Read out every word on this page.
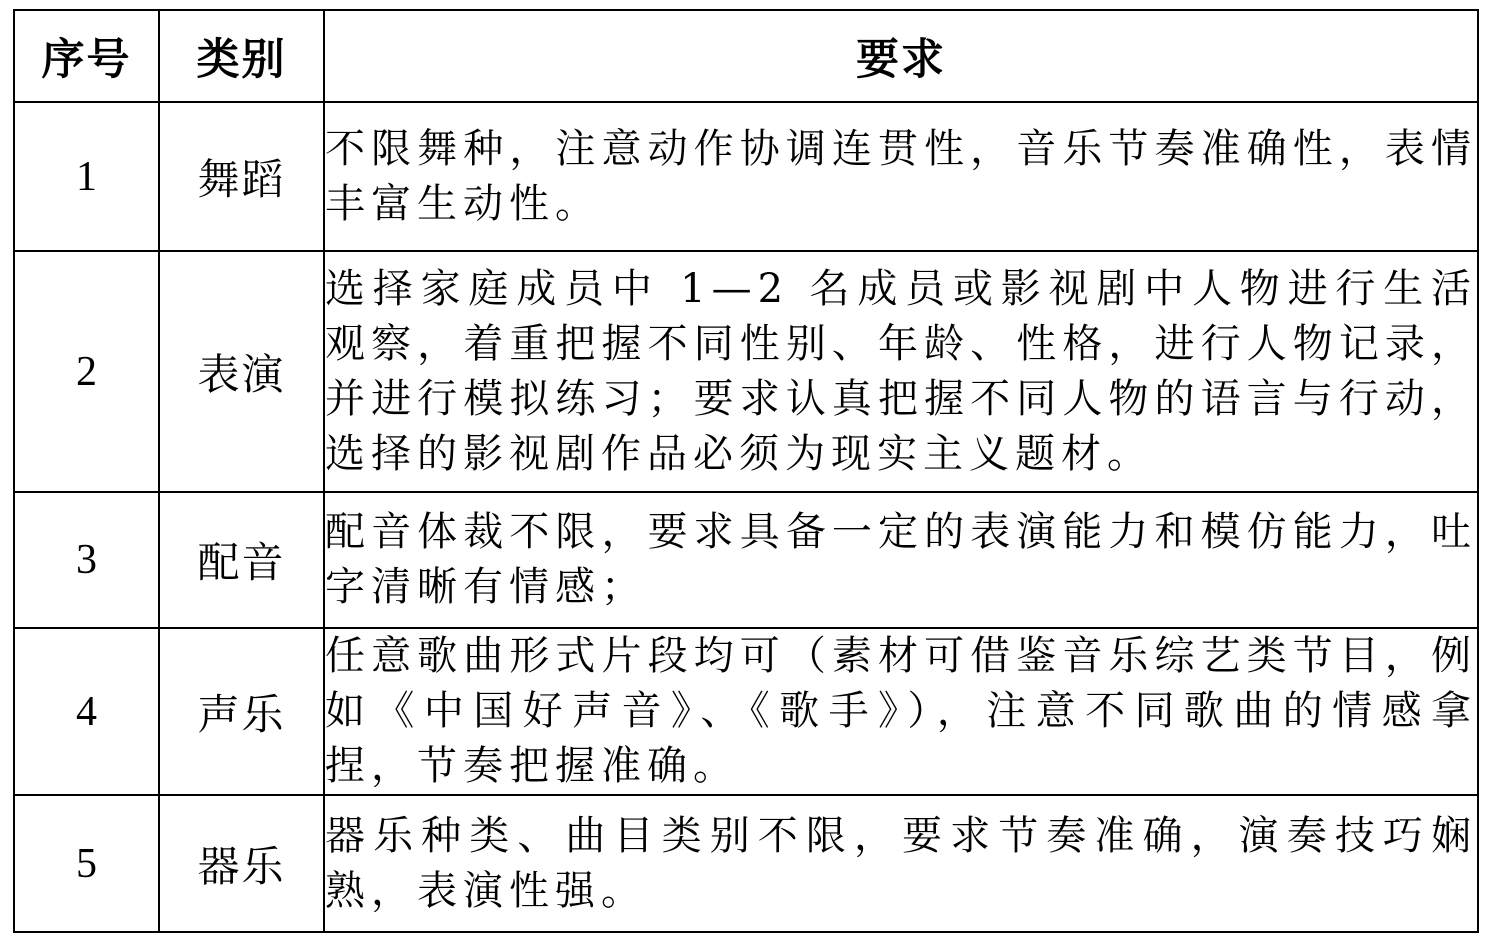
序号	类别	要求
1	舞蹈	不限舞种，注意动作协调连贯性，音乐节奏准确性，表情丰富生动性。
2	表演	选择家庭成员中 1—2 名成员或影视剧中人物进行生活观察，着重把握不同性别、年龄、性格，进行人物记录，并进行模拟练习；要求认真把握不同人物的语言与行动，选择的影视剧作品必须为现实主义题材。
3	配音	配音体裁不限，要求具备一定的表演能力和模仿能力，吐字清晰有情感；
4	声乐	任意歌曲形式片段均可（素材可借鉴音乐综艺类节目，例如《中国好声音》、《歌手》），注意不同歌曲的情感拿捏，节奏把握准确。
5	器乐	器乐种类、曲目类别不限，要求节奏准确，演奏技巧娴熟，表演性强。
